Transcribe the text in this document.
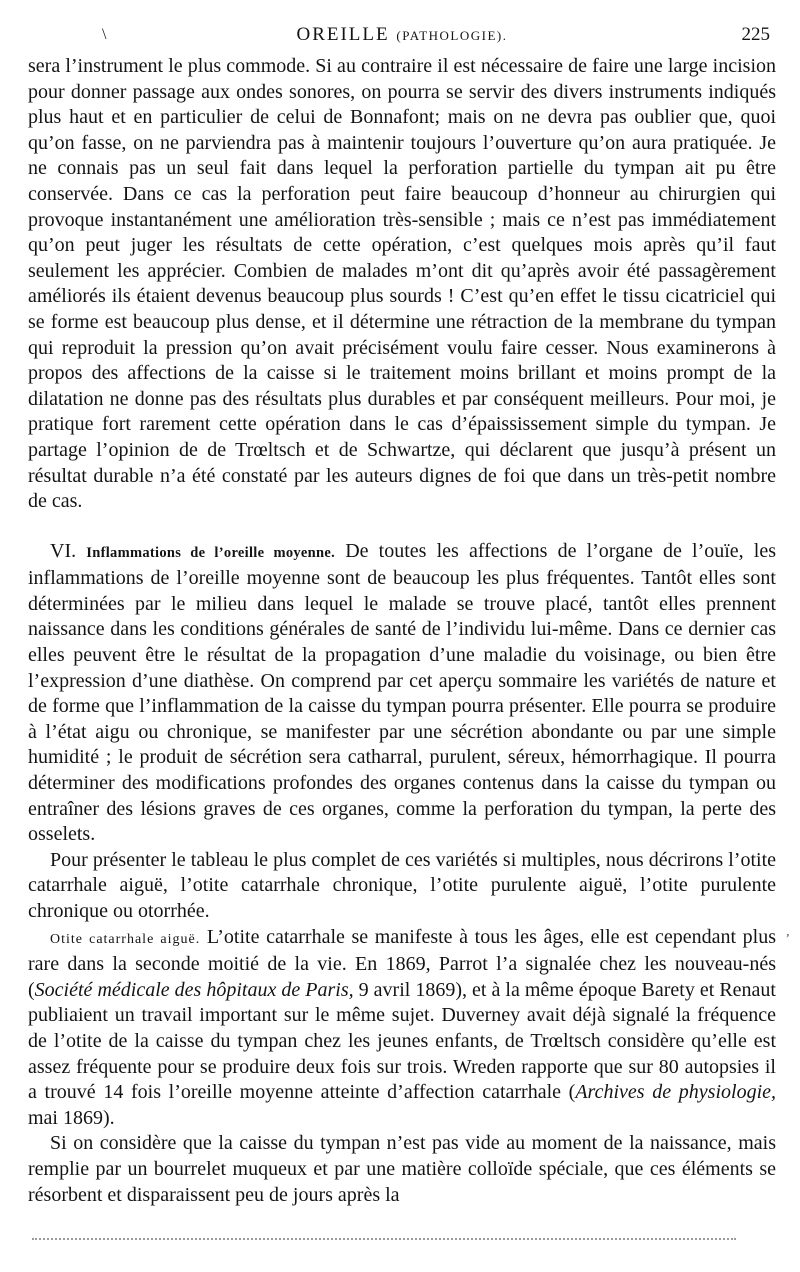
\	OREILLE (PATHOLOGIE).	225

sera l’instrument le plus commode. Si au contraire il est nécessaire de faire une large incision pour donner passage aux ondes sonores, on pourra se servir des divers instruments indiqués plus haut et en particulier de celui de Bonnafont; mais on ne devra pas oublier que, quoi qu’on fasse, on ne parviendra pas à maintenir toujours l’ouverture qu’on aura pratiquée. Je ne connais pas un seul fait dans lequel la perforation partielle du tympan ait pu être conservée. Dans ce cas la perforation peut faire beaucoup d’honneur au chirurgien qui provoque instantanément une amélioration très-sensible ; mais ce n’est pas immédiatement qu’on peut juger les résultats de cette opération, c’est quelques mois après qu’il faut seulement les apprécier. Combien de malades m’ont dit qu’après avoir été passagèrement améliorés ils étaient devenus beaucoup plus sourds ! C’est qu’en effet le tissu cicatriciel qui se forme est beaucoup plus dense, et il détermine une rétraction de la membrane du tympan qui reproduit la pression qu’on avait précisément voulu faire cesser. Nous examinerons à propos des affections de la caisse si le traitement moins brillant et moins prompt de la dilatation ne donne pas des résultats plus durables et par conséquent meilleurs. Pour moi, je pratique fort rarement cette opération dans le cas d’épaississement simple du tympan. Je partage l’opinion de de Trœltsch et de Schwartze, qui déclarent que jusqu’à présent un résultat durable n’a été constaté par les auteurs dignes de foi que dans un très-petit nombre de cas.

VI. Inflammations de l’oreille moyenne. De toutes les affections de l’organe de l’ouïe, les inflammations de l’oreille moyenne sont de beaucoup les plus fréquentes. Tantôt elles sont déterminées par le milieu dans lequel le malade se trouve placé, tantôt elles prennent naissance dans les conditions générales de santé de l’individu lui-même. Dans ce dernier cas elles peuvent être le résultat de la propagation d’une maladie du voisinage, ou bien être l’expression d’une diathèse. On comprend par cet aperçu sommaire les variétés de nature et de forme que l’inflammation de la caisse du tympan pourra présenter. Elle pourra se produire à l’état aigu ou chronique, se manifester par une sécrétion abondante ou par une simple humidité ; le produit de sécrétion sera catharral, purulent, séreux, hémorrhagique. Il pourra déterminer des modifications profondes des organes contenus dans la caisse du tympan ou entraîner des lésions graves de ces organes, comme la perforation du tympan, la perte des osselets.

Pour présenter le tableau le plus complet de ces variétés si multiples, nous décrirons l’otite catarrhale aiguë, l’otite catarrhale chronique, l’otite purulente aiguë, l’otite purulente chronique ou otorrhée.

Otite catarrhale aiguë. L’otite catarrhale se manifeste à tous les âges, elle est cependant plus rare dans la seconde moitié de la vie. En 1869, Parrot l’a signalée chez les nouveau-nés (Société médicale des hôpitaux de Paris, 9 avril 1869), et à la même époque Barety et Renaut publiaient un travail important sur le même sujet. Duverney avait déjà signalé la fréquence de l’otite de la caisse du tympan chez les jeunes enfants, de Trœltsch considère qu’elle est assez fréquente pour se produire deux fois sur trois. Wreden rapporte que sur 80 autopsies il a trouvé 14 fois l’oreille moyenne atteinte d’affection catarrhale (Archives de physiologie, mai 1869).

Si on considère que la caisse du tympan n’est pas vide au moment de la naissance, mais remplie par un bourrelet muqueux et par une matière colloïde spéciale, que ces éléments se résorbent et disparaissent peu de jours après la

’
